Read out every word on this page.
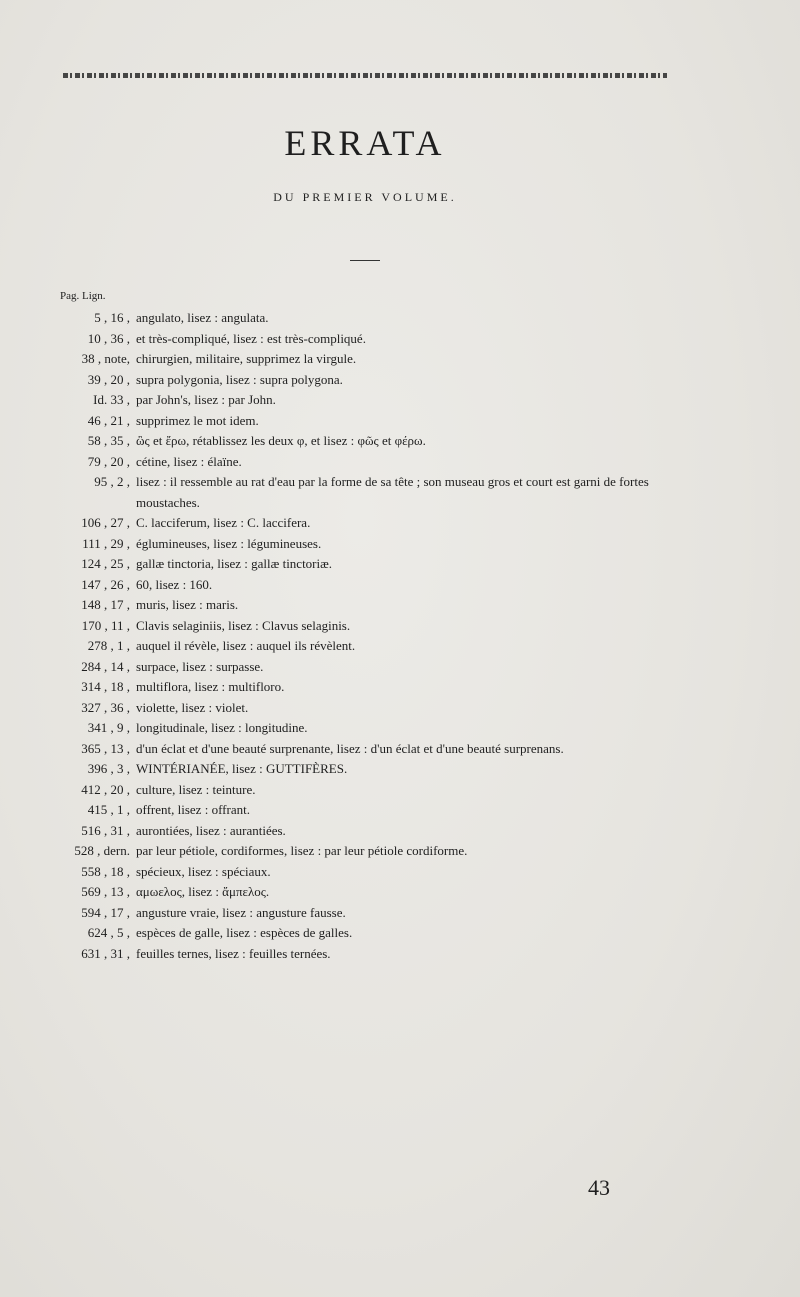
ERRATA
DU PREMIER VOLUME.
Pag. Lign.
5 , 16 , angulato, lisez : angulata.
10 , 36 , et très-compliqué, lisez : est très-compliqué.
38 , note, chirurgien, militaire, supprimez la virgule.
39 , 20 , supra polygonia, lisez : supra polygona.
Id. 33 , par John's, lisez : par John.
46 , 21 , supprimez le mot idem.
58 , 35 , ὢς et ἔρω, rétablissez les deux φ, et lisez : φῶς et φέρω.
79 , 20 , cétine, lisez : élaïne.
95 , 2 , lisez : il ressemble au rat d'eau par la forme de sa tête ; son museau gros et court est garni de fortes moustaches.
106 , 27 , C. lacciferum, lisez : C. laccifera.
111 , 29 , églumineuses, lisez : légumineuses.
124 , 25 , gallæ tinctoria, lisez : gallæ tinctoriæ.
147 , 26 , 60, lisez : 160.
148 , 17 , muris, lisez : maris.
170 , 11 , Clavis selaginiis, lisez : Clavus selaginis.
278 , 1 , auquel il révèle, lisez : auquel ils révèlent.
284 , 14 , surpace, lisez : surpasse.
314 , 18 , multiflora, lisez : multifloro.
327 , 36 , violette, lisez : violet.
341 , 9 , longitudinale, lisez : longitudine.
365 , 13 , d'un éclat et d'une beauté surprenante, lisez : d'un éclat et d'une beauté surprenans.
396 , 3 , WINTÉRIANÉE, lisez : GUTTIFÈRES.
412 , 20 , culture, lisez : teinture.
415 , 1 , offrent, lisez : offrant.
516 , 31 , aurontiées, lisez : aurantiées.
528 , dern. par leur pétiole, cordiformes, lisez : par leur pétiole cordiforme.
558 , 18 , spécieux, lisez : spéciaux.
569 , 13 , αμωελος, lisez : ἄμπελος.
594 , 17 , angusture vraie, lisez : angusture fausse.
624 , 5 , espèces de galle, lisez : espèces de galles.
631 , 31 , feuilles ternes, lisez : feuilles ternées.
43
